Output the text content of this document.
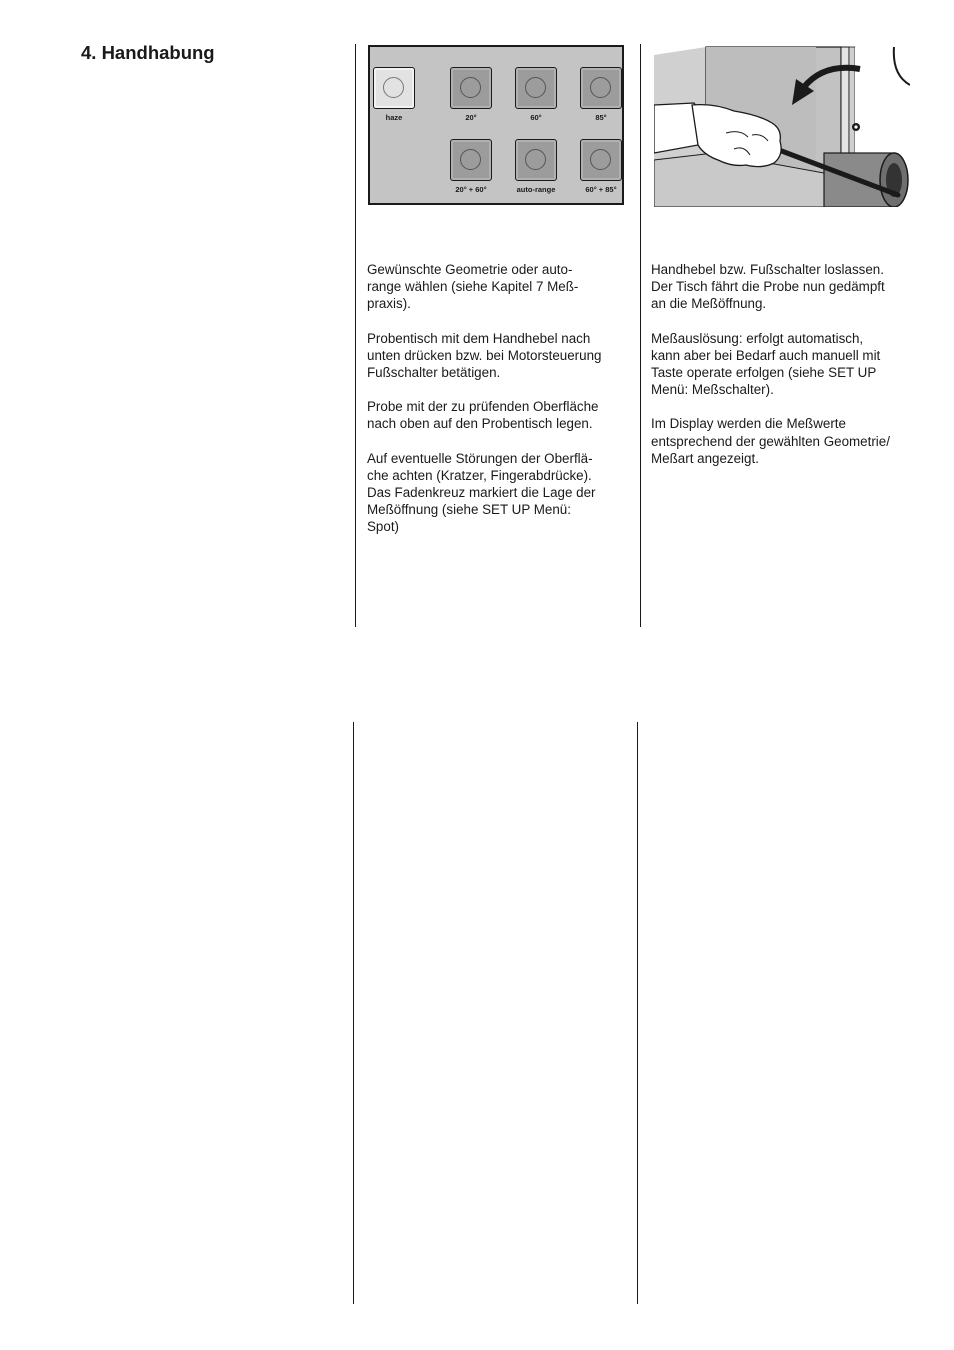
4. Handhabung
haze	20°	60°	85°
20° + 60°	auto-range	60° + 85°

Gewünschte Geometrie oder auto-
range wählen (siehe Kapitel 7 Meß-
praxis).

Probentisch mit dem Handhebel nach
unten drücken bzw. bei Motorsteuerung
Fußschalter betätigen.

Probe mit der zu prüfenden Oberfläche
nach oben auf den Probentisch legen.

Auf eventuelle Störungen der Oberflä-
che achten (Kratzer, Fingerabdrücke).
Das Fadenkreuz markiert die Lage der
Meßöffnung (siehe SET UP Menü:
Spot)

Handhebel bzw. Fußschalter loslassen.
Der Tisch fährt die Probe nun gedämpft
an die Meßöffnung.

Meßauslösung: erfolgt automatisch,
kann aber bei Bedarf auch manuell mit
Taste operate erfolgen (siehe SET UP
Menü: Meßschalter).

Im Display werden die Meßwerte
entsprechend der gewählten Geometrie/
Meßart angezeigt.
